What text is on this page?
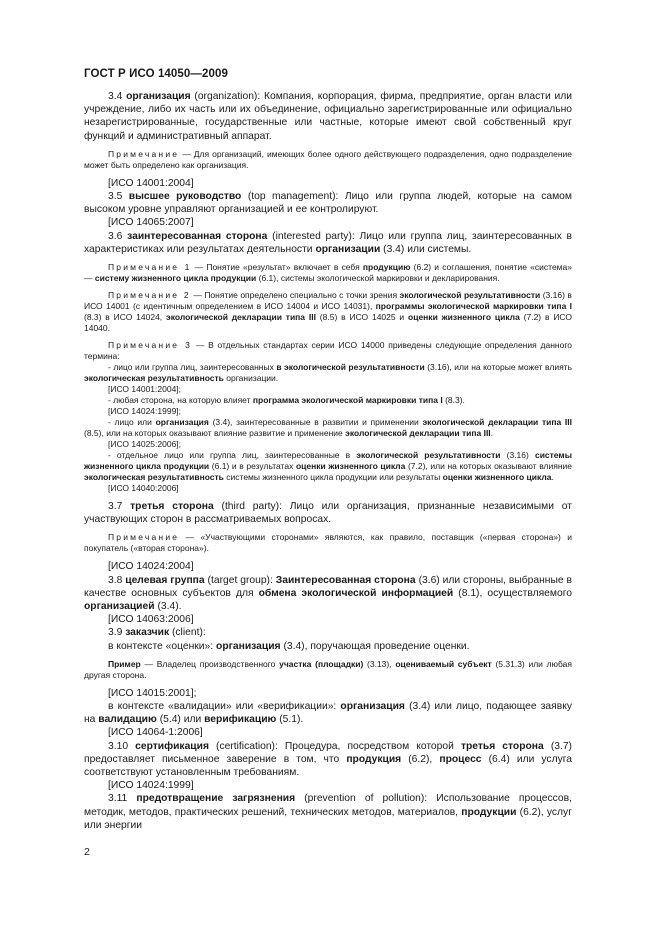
ГОСТ Р ИСО 14050—2009

3.4 организация (organization): Компания, корпорация, фирма, предприятие, орган власти или учреждение, либо их часть или их объединение, официально зарегистрированные или официально незарегистрированные, государственные или частные, которые имеют свой собственный круг функций и административный аппарат.

Примечание — Для организаций, имеющих более одного действующего подразделения, одно подразделение может быть определено как организация.

[ИСО 14001:2004]

3.5 высшее руководство (top management): Лицо или группа людей, которые на самом высоком уровне управляют организацией и ее контролируют.

[ИСО 14065:2007]

3.6 заинтересованная сторона (interested party): Лицо или группа лиц, заинтересованных в характеристиках или результатах деятельности организации (3.4) или системы.

Примечание 1 — Понятие «результат» включает в себя продукцию (6.2) и соглашения, понятие «система» — систему жизненного цикла продукции (6.1), системы экологической маркировки и декларирования.

Примечание 2 — Понятие определено специально с точки зрения экологической результативности (3.16) в ИСО 14001 (с идентичным определением в ИСО 14004 и ИСО 14031), программы экологической маркировки типа I (8.3) в ИСО 14024, экологической декларации типа III (8.5) в ИСО 14025 и оценки жизненного цикла (7.2) в ИСО 14040.

Примечание 3 — В отдельных стандартах серии ИСО 14000 приведены следующие определения данного термина:

- лицо или группа лиц, заинтересованных в экологической результативности (3.16), или на которые может влиять экологическая результативность организации.

[ИСО 14001:2004];

- любая сторона, на которую влияет программа экологической маркировки типа I (8.3).

[ИСО 14024:1999];

- лицо или организация (3.4), заинтересованные в развитии и применении экологической декларации типа III (8.5), или на которых оказывают влияние развитие и применение экологической декларации типа III.

[ИСО 14025:2006];

- отдельное лицо или группа лиц, заинтересованные в экологической результативности (3.16) системы жизненного цикла продукции (6.1) и в результатах оценки жизненного цикла (7.2), или на которых оказывают влияние экологическая результативность системы жизненного цикла продукции или результаты оценки жизненного цикла.

[ИСО 14040:2006]

3.7 третья сторона (third party): Лицо или организация, признанные независимыми от участвующих сторон в рассматриваемых вопросах.

Примечание — «Участвующими сторонами» являются, как правило, поставщик («первая сторона») и покупатель («вторая сторона»).

[ИСО 14024:2004]

3.8 целевая группа (target group): Заинтересованная сторона (3.6) или стороны, выбранные в качестве основных субъектов для обмена экологической информацией (8.1), осуществляемого организацией (3.4).

[ИСО 14063:2006]

3.9 заказчик (client):

в контексте «оценки»: организация (3.4), поручающая проведение оценки.

Пример — Владелец производственного участка (площадки) (3.13), оцениваемый субъект (5.31.3) или любая другая сторона.

[ИСО 14015:2001];

в контексте «валидации» или «верификации»: организация (3.4) или лицо, подающее заявку на валидацию (5.4) или верификацию (5.1).

[ИСО 14064-1:2006]

3.10 сертификация (certification): Процедура, посредством которой третья сторона (3.7) предоставляет письменное заверение в том, что продукция (6.2), процесс (6.4) или услуга соответствуют установленным требованиям.

[ИСО 14024:1999]

3.11 предотвращение загрязнения (prevention of pollution): Использование процессов, методик, методов, практических решений, технических методов, материалов, продукции (6.2), услуг или энергии

2
